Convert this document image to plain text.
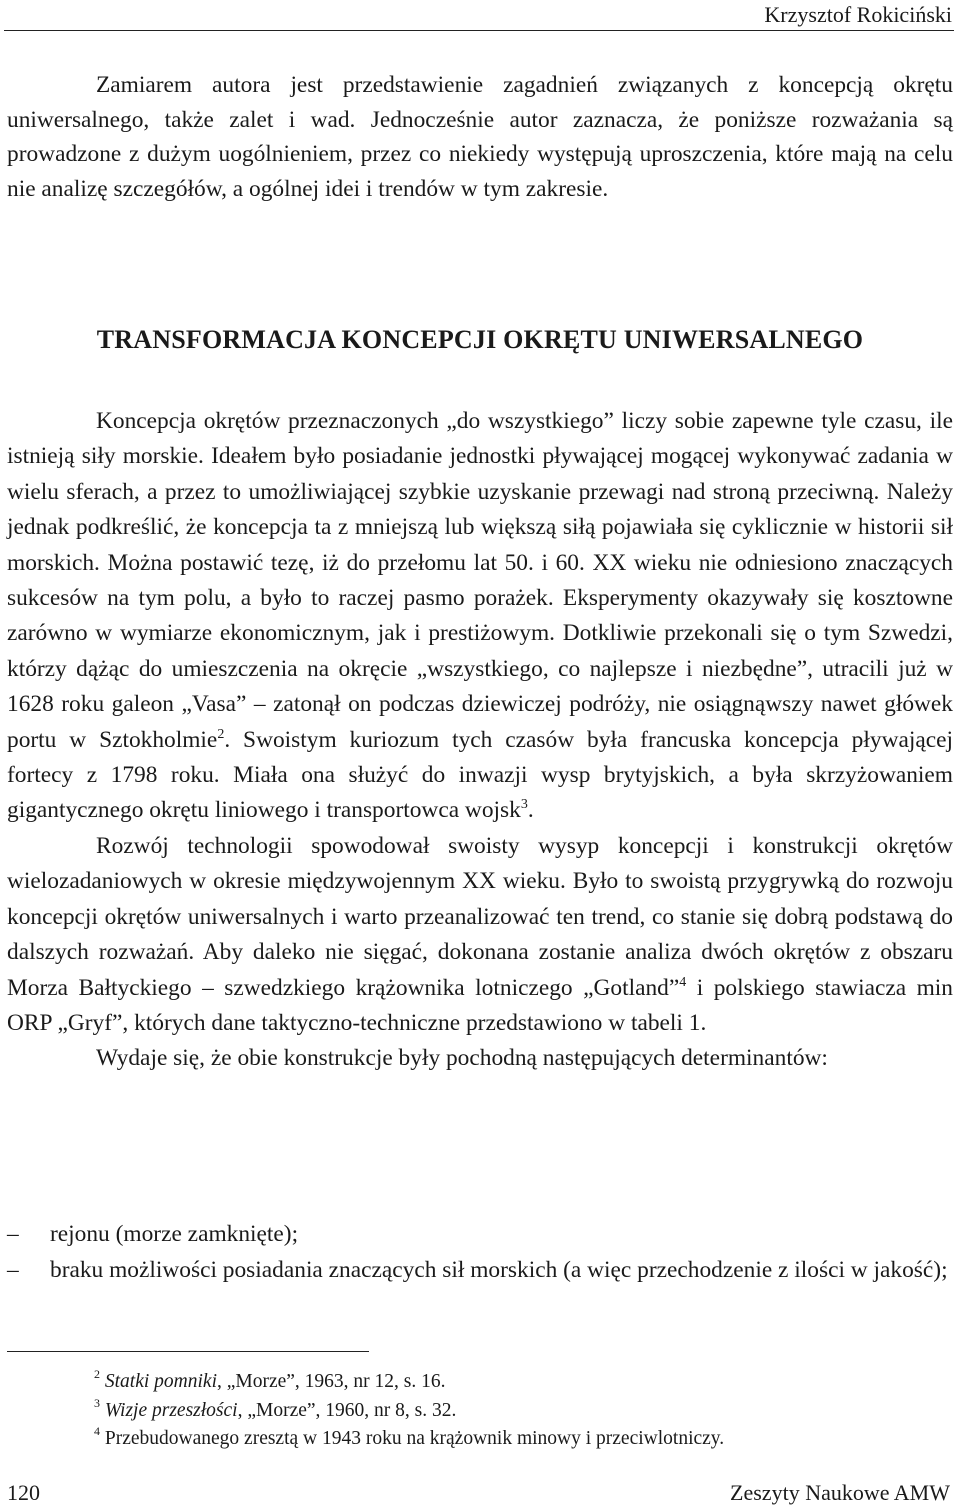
Krzysztof Rokiciński

Zamiarem autora jest przedstawienie zagadnień związanych z koncepcją okrętu uniwersalnego, także zalet i wad. Jednocześnie autor zaznacza, że poniższe rozważania są prowadzone z dużym uogólnieniem, przez co niekiedy występują uproszczenia, które mają na celu nie analizę szczegółów, a ogólnej idei i trendów w tym zakresie.

TRANSFORMACJA KONCEPCJI OKRĘTU UNIWERSALNEGO

Koncepcja okrętów przeznaczonych „do wszystkiego” liczy sobie zapewne tyle czasu, ile istnieją siły morskie. Ideałem było posiadanie jednostki pływającej mogącej wykonywać zadania w wielu sferach, a przez to umożliwiającej szybkie uzyskanie przewagi nad stroną przeciwną. Należy jednak podkreślić, że koncepcja ta z mniejszą lub większą siłą pojawiała się cyklicznie w historii sił morskich. Można postawić tezę, iż do przełomu lat 50. i 60. XX wieku nie odniesiono znaczących sukcesów na tym polu, a było to raczej pasmo porażek. Eksperymenty okazywały się kosztowne zarówno w wymiarze ekonomicznym, jak i prestiżowym. Dotkliwie przekonali się o tym Szwedzi, którzy dążąc do umieszczenia na okręcie „wszystkiego, co najlepsze i niezbędne”, utracili już w 1628 roku galeon „Vasa” – zatonął on podczas dziewiczej podróży, nie osiągnąwszy nawet główek portu w Sztokholmie$^2$. Swoistym kuriozum tych czasów była francuska koncepcja pływającej fortecy z 1798 roku. Miała ona służyć do inwazji wysp brytyjskich, a była skrzyżowaniem gigantycznego okrętu liniowego i transportowca wojsk$^3$.

Rozwój technologii spowodował swoisty wysyp koncepcji i konstrukcji okrętów wielozadaniowych w okresie międzywojennym XX wieku. Było to swoistą przygrywką do rozwoju koncepcji okrętów uniwersalnych i warto przeanalizować ten trend, co stanie się dobrą podstawą do dalszych rozważań. Aby daleko nie sięgać, dokonana zostanie analiza dwóch okrętów z obszaru Morza Bałtyckiego – szwedzkiego krążownika lotniczego „Gotland”$^4$ i polskiego stawiacza min ORP „Gryf”, których dane taktyczno-techniczne przedstawiono w tabeli 1.

Wydaje się, że obie konstrukcje były pochodną następujących determinantów:

– rejonu (morze zamknięte);
– braku możliwości posiadania znaczących sił morskich (a więc przechodzenie z ilości w jakość);
$^2$ Statki pomniki, „Morze”, 1963, nr 12, s. 16.
$^3$ Wizje przeszłości, „Morze”, 1960, nr 8, s. 32.
$^4$ Przebudowanego zresztą w 1943 roku na krążownik minowy i przeciwlotniczy.
120	Zeszyty Naukowe AMW
